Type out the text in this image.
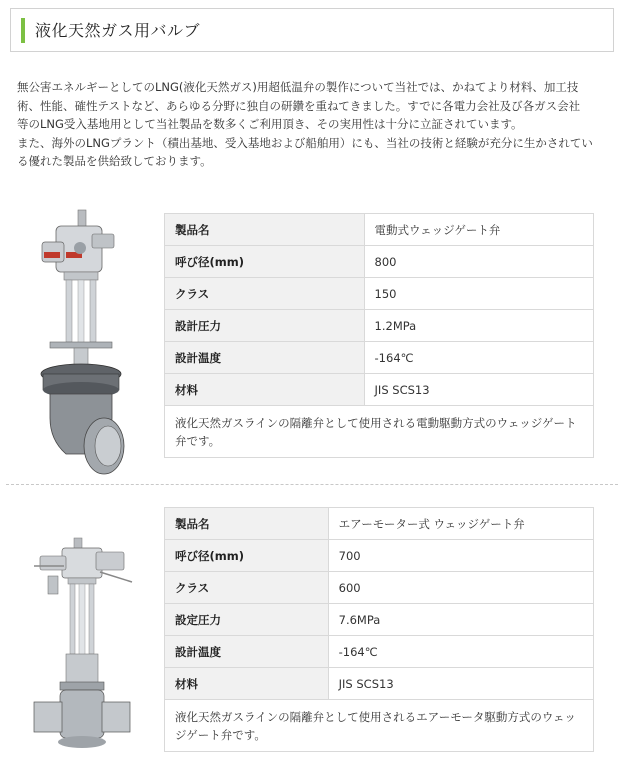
液化天然ガス用バルブ

無公害エネルギーとしてのLNG(液化天然ガス)用超低温弁の製作について当社では、かねてより材料、加工技

術、性能、確性テストなど、あらゆる分野に独自の研鑽を重ねてきました。すでに各電力会社及び各ガス会社

等のLNG受入基地用として当社製品を数多くご利用頂き、その実用性は十分に立証されています。

また、海外のLNGプラント（積出基地、受入基地および船舶用）にも、当社の技術と経験が充分に生かされてい

る優れた製品を供給致しております。

製品名	電動式ウェッジゲート弁
呼び径(mm)	800
クラス	150
設計圧力	1.2MPa
設計温度	-164℃
材料	JIS SCS13
液化天然ガスラインの隔離弁として使用される電動駆動方式のウェッジゲート弁です。	
製品名	エアーモーター式 ウェッジゲート弁
呼び径(mm)	700
クラス	600
設定圧力	7.6MPa
設計温度	-164℃
材料	JIS SCS13
液化天然ガスラインの隔離弁として使用されるエアーモータ駆動方式のウェッジゲート弁です。	
